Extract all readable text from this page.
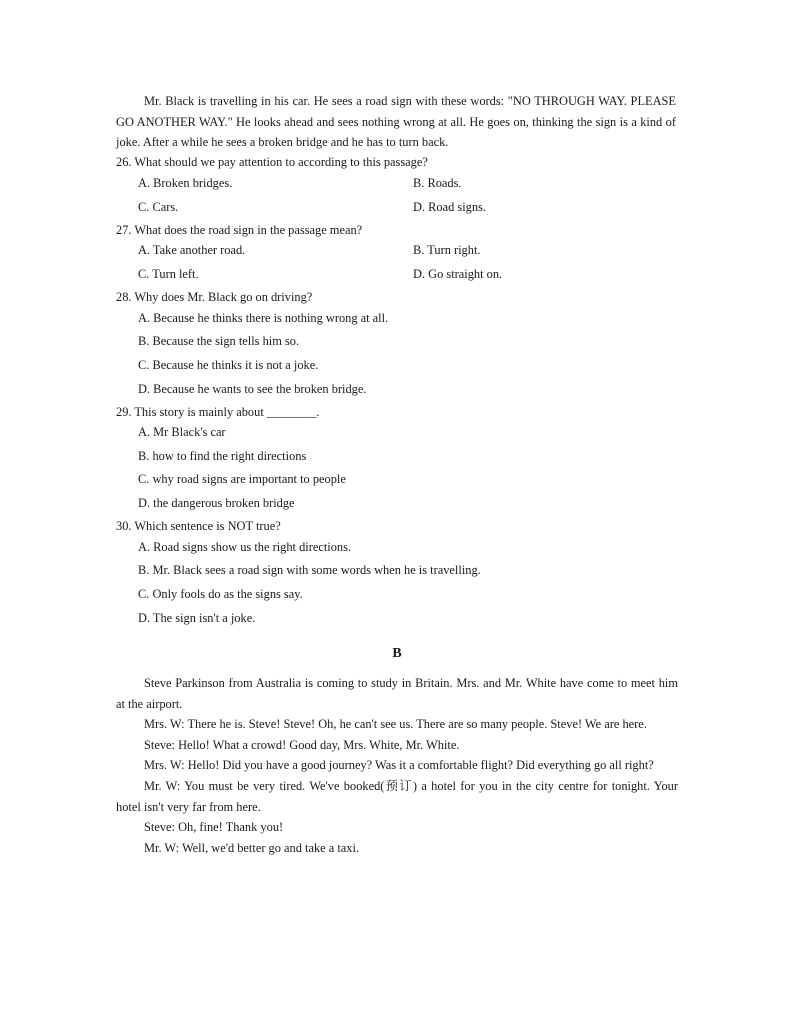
Mr. Black is travelling in his car. He sees a road sign with these words: "NO THROUGH WAY. PLEASE GO ANOTHER WAY." He looks ahead and sees nothing wrong at all. He goes on, thinking the sign is a kind of joke. After a while he sees a broken bridge and he has to turn back.

26. What should we pay attention to according to this passage?
A. Broken bridges.	B. Roads.
C. Cars.	D. Road signs.
27. What does the road sign in the passage mean?
A. Take another road.	B. Turn right.
C. Turn left.	D. Go straight on.
28. Why does Mr. Black go on driving?
A. Because he thinks there is nothing wrong at all.
B. Because the sign tells him so.
C. Because he thinks it is not a joke.
D. Because he wants to see the broken bridge.
29. This story is mainly about ________.
A. Mr Black's car
B. how to find the right directions
C. why road signs are important to people
D. the dangerous broken bridge
30. Which sentence is NOT true?
A. Road signs show us the right directions.
B. Mr. Black sees a road sign with some words when he is travelling.
C. Only fools do as the signs say.
D. The sign isn't a joke.
B

Steve Parkinson from Australia is coming to study in Britain. Mrs. and Mr. White have come to meet him at the airport.

Mrs. W: There he is. Steve! Steve! Oh, he can't see us. There are so many people. Steve! We are here.

Steve: Hello! What a crowd! Good day, Mrs. White, Mr. White.

Mrs. W: Hello! Did you have a good journey? Was it a comfortable flight? Did everything go all right?

Mr. W: You must be very tired. We've booked(预订) a hotel for you in the city centre for tonight. Your hotel isn't very far from here.

Steve: Oh, fine! Thank you!

Mr. W: Well, we'd better go and take a taxi.
